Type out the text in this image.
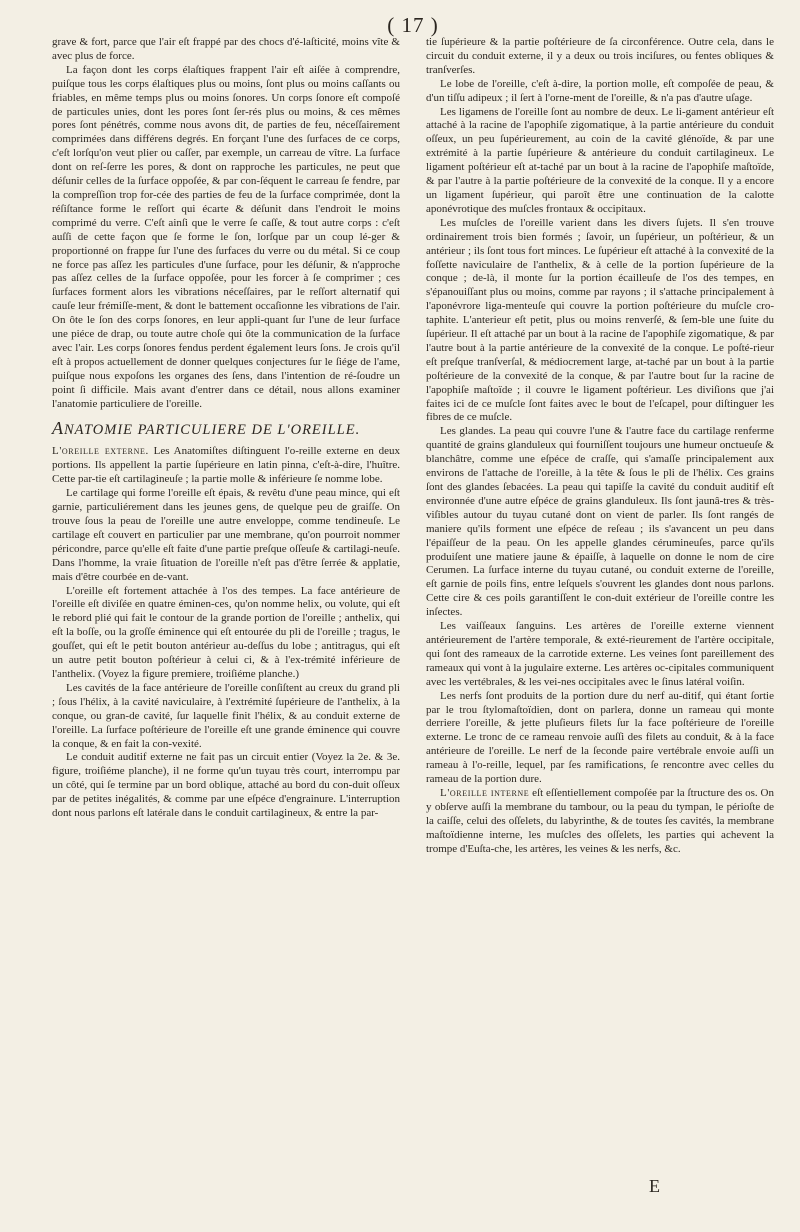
( 17 )

grave & fort, parce que l'air eſt frappé par des chocs d'é-laſticité, moins vîte & avec plus de force.

La façon dont les corps élaſtiques frappent l'air eſt aiſée à comprendre, puiſque tous les corps élaſtiques plus ou moins, ſont plus ou moins caſſants ou friables, en même temps plus ou moins ſonores. Un corps ſonore eſt compoſé de particules unies, dont les pores ſont ſer-rés plus ou moins, & ces mêmes pores ſont pénétrés, comme nous avons dit, de parties de feu, néceſſairement comprimées dans différens degrés. En forçant l'une des ſurfaces de ce corps, c'eſt lorſqu'on veut plier ou caſſer, par exemple, un carreau de vître. La ſurface dont on reſ-ſerre les pores, & dont on rapproche les particules, ne peut que déſunir celles de la ſurface oppoſée, & par con-ſéquent le carreau ſe fendre, par la compreſſion trop for-cée des parties de feu de la ſurface comprimée, dont la réſiſtance forme le reſſort qui écarte & déſunit dans l'endroit le moins comprimé du verre. C'eſt ainſi que le verre ſe caſſe, & tout autre corps : c'eſt auſſi de cette façon que ſe forme le ſon, lorſque par un coup lé-ger & proportionné on frappe ſur l'une des ſurfaces du verre ou du métal. Si ce coup ne force pas aſſez les particules d'une ſurface, pour les déſunir, & n'approche pas aſſez celles de la ſurface oppoſée, pour les forcer à ſe comprimer ; ces ſurfaces forment alors les vibrations néceſſaires, par le reſſort alternatif qui cauſe leur frémiſſe-ment, & dont le battement occaſionne les vibrations de l'air. On ôte le ſon des corps ſonores, en leur appli-quant ſur l'une de leur ſurface une piéce de drap, ou toute autre choſe qui ôte la communication de la ſurface avec l'air. Les corps ſonores fendus perdent également leurs ſons. Je crois qu'il eſt à propos actuellement de donner quelques conjectures ſur le ſiége de l'ame, puiſque nous expoſons les organes des ſens, dans l'intention de ré-ſoudre un point ſi difficile. Mais avant d'entrer dans ce détail, nous allons examiner l'anatomie particuliere de l'oreille.

ANATOMIE PARTICULIERE DE L'OREILLE.

L'oreille externe. Les Anatomiſtes diſtinguent l'o-reille externe en deux portions. Ils appellent la partie ſupérieure en latin pinna, c'eſt-à-dire, l'huître. Cette par-tie eſt cartilagineuſe ; la partie molle & inférieure ſe nomme lobe.

Le cartilage qui forme l'oreille eſt épais, & revêtu d'une peau mince, qui eſt garnie, particuliérement dans les jeunes gens, de quelque peu de graiſſe. On trouve ſous la peau de l'oreille une autre enveloppe, comme tendineuſe. Le cartilage eſt couvert en particulier par une membrane, qu'on pourroit nommer péricondre, parce qu'elle eſt faite d'une partie preſque oſſeuſe & cartilagi-neuſe. Dans l'homme, la vraie ſituation de l'oreille n'eſt pas d'être ſerrée & applatie, mais d'être courbée en de-vant.

L'oreille eſt fortement attachée à l'os des tempes. La face antérieure de l'oreille eſt diviſée en quatre éminen-ces, qu'on nomme helix, ou volute, qui eſt le rebord plié qui fait le contour de la grande portion de l'oreille ; anthelix, qui eſt la boſſe, ou la groſſe éminence qui eſt entourée du pli de l'oreille ; tragus, le gouſſet, qui eſt le petit bouton antérieur au-deſſus du lobe ; antitragus, qui eſt un autre petit bouton poſtérieur à celui ci, & à l'ex-trémité inférieure de l'anthelix. (Voyez la figure premiere, troiſiéme planche.)

Les cavités de la face antérieure de l'oreille conſiſtent au creux du grand pli ; ſous l'hélix, à la cavité naviculaire, à l'extrémité ſupérieure de l'anthelix, à la conque, ou gran-de cavité, ſur laquelle finit l'hélix, & au conduit externe de l'oreille. La ſurface poſtérieure de l'oreille eſt une grande éminence qui couvre la conque, & en fait la con-vexité.

Le conduit auditif externe ne fait pas un circuit entier (Voyez la 2e. & 3e. figure, troiſiéme planche), il ne forme qu'un tuyau très court, interrompu par un côté, qui ſe termine par un bord oblique, attaché au bord du con-duit oſſeux par de petites inégalités, & comme par une eſpéce d'engrainure. L'interruption dont nous parlons eſt latérale dans le conduit cartilagineux, & entre la par-

tie ſupérieure & la partie poſtérieure de ſa circonférence. Outre cela, dans le circuit du conduit externe, il y a deux ou trois inciſures, ou fentes obliques & tranſverſes.

Le lobe de l'oreille, c'eſt à-dire, la portion molle, eſt compoſée de peau, & d'un tiſſu adipeux ; il ſert à l'orne-ment de l'oreille, & n'a pas d'autre uſage.

Les ligamens de l'oreille ſont au nombre de deux. Le li-gament antérieur eſt attaché à la racine de l'apophiſe zigomatique, à la partie antérieure du conduit oſſeux, un peu ſupérieurement, au coin de la cavité glénoïde, & par une extrémité à la partie ſupérieure & antérieure du conduit cartilagineux. Le ligament poſtérieur eſt at-taché par un bout à la racine de l'apophiſe maſtoïde, & par l'autre à la partie poſtérieure de la convexité de la conque. Il y a encore un ligament ſupérieur, qui paroît être une continuation de la calotte aponévrotique des muſcles frontaux & occipitaux.

Les muſcles de l'oreille varient dans les divers ſujets. Il s'en trouve ordinairement trois bien formés ; ſavoir, un ſupérieur, un poſtérieur, & un antérieur ; ils ſont tous fort minces. Le ſupérieur eſt attaché à la convexité de la foſſette naviculaire de l'anthelix, & à celle de la portion ſupérieure de la conque ; de-là, il monte ſur la portion écailleuſe de l'os des tempes, en s'épanouiſſant plus ou moins, comme par rayons ; il s'attache principalement à l'aponévrore liga-menteuſe qui couvre la portion poſtérieure du muſcle cro-taphite. L'anterieur eſt petit, plus ou moins renverſé, & ſem-ble une ſuite du ſupérieur. Il eſt attaché par un bout à la racine de l'apophiſe zigomatique, & par l'autre bout à la partie antérieure de la convexité de la conque. Le poſté-rieur eſt preſque tranſverſal, & médiocrement large, at-taché par un bout à la partie poſtérieure de la convexité de la conque, & par l'autre bout ſur la racine de l'apophiſe maſtoïde ; il couvre le ligament poſtérieur. Les diviſions que j'ai faites ici de ce muſcle ſont faites avec le bout de l'eſcapel, pour diſtinguer les fibres de ce muſcle.

Les glandes. La peau qui couvre l'une & l'autre face du cartilage renferme quantité de grains glanduleux qui fourniſſent toujours une humeur onctueuſe & blanchâtre, comme une eſpéce de craſſe, qui s'amaſſe principalement aux environs de l'attache de l'oreille, à la tête & ſous le pli de l'hélix. Ces grains ſont des glandes ſebacées. La peau qui tapiſſe la cavité du conduit auditif eſt environnée d'une autre eſpéce de grains glanduleux. Ils ſont jaunâ-tres & très-viſibles autour du tuyau cutané dont on vient de parler. Ils ſont rangés de maniere qu'ils forment une eſpéce de reſeau ; ils s'avancent un peu dans l'épaiſſeur de la peau. On les appelle glandes cérumineuſes, parce qu'ils produiſent une matiere jaune & épaiſſe, à laquelle on donne le nom de cire Cerumen. La ſurface interne du tuyau cutané, ou conduit externe de l'oreille, eſt garnie de poils fins, entre leſquels s'ouvrent les glandes dont nous parlons. Cette cire & ces poils garantiſſent le con-duit extérieur de l'oreille contre les inſectes.

Les vaiſſeaux ſanguins. Les artères de l'oreille externe viennent antérieurement de l'artère temporale, & exté-rieurement de l'artère occipitale, qui ſont des rameaux de la carrotide externe. Les veines ſont pareillement des rameaux qui vont à la jugulaire externe. Les artères oc-cipitales communiquent avec les vertébrales, & les vei-nes occipitales avec le ſinus latéral voiſin.

Les nerfs ſont produits de la portion dure du nerf au-ditif, qui étant ſortie par le trou ſtylomaſtoïdien, dont on parlera, donne un rameau qui monte derriere l'oreille, & jette pluſieurs filets ſur la face poſtérieure de l'oreille externe. Le tronc de ce rameau renvoie auſſi des filets au conduit, & à la face antérieure de l'oreille. Le nerf de la ſeconde paire vertébrale envoie auſſi un rameau à l'o-reille, lequel, par ſes ramifications, ſe rencontre avec celles du rameau de la portion dure.

L'oreille interne eſt eſſentiellement compoſée par la ſtructure des os. On y obſerve auſſi la membrane du tambour, ou la peau du tympan, le périoſte de la caiſſe, celui des oſſelets, du labyrinthe, & de toutes ſes cavités, la membrane maſtoïdienne interne, les muſcles des oſſelets, les parties qui achevent la trompe d'Euſta-che, les artères, les veines & les nerfs, &c.

E
